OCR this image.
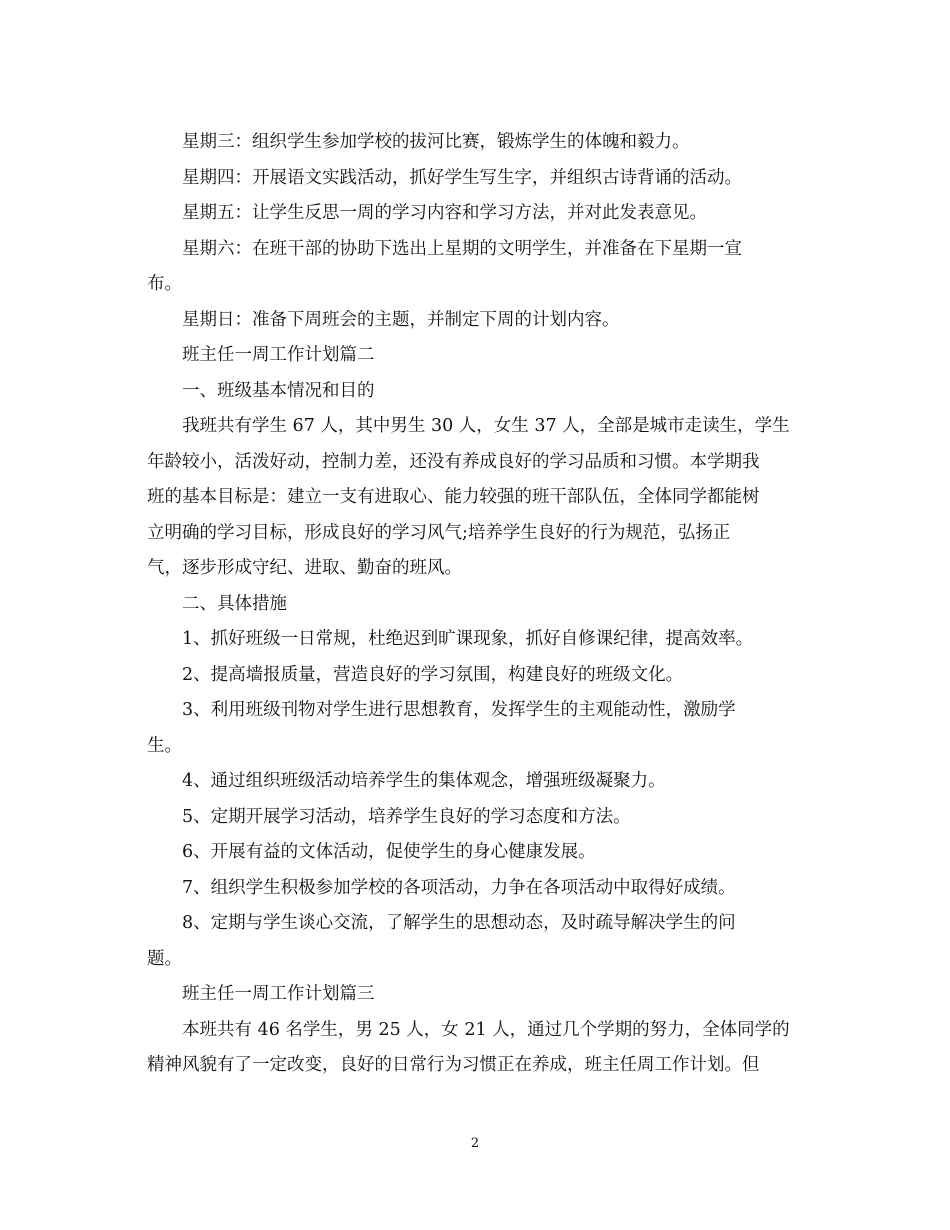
星期三：组织学生参加学校的拔河比赛，锻炼学生的体魄和毅力。

星期四：开展语文实践活动，抓好学生写生字，并组织古诗背诵的活动。

星期五：让学生反思一周的学习内容和学习方法，并对此发表意见。

星期六：在班干部的协助下选出上星期的文明学生，并准备在下星期一宣
布。

星期日：准备下周班会的主题，并制定下周的计划内容。

班主任一周工作计划篇二

一、班级基本情况和目的

我班共有学生 67 人，其中男生 30 人，女生 37 人，全部是城市走读生，学生
年龄较小，活泼好动，控制力差，还没有养成良好的学习品质和习惯。本学期我
班的基本目标是：建立一支有进取心、能力较强的班干部队伍，全体同学都能树
立明确的学习目标，形成良好的学习风气;培养学生良好的行为规范，弘扬正
气，逐步形成守纪、进取、勤奋的班风。

二、具体措施

1、抓好班级一日常规，杜绝迟到旷课现象，抓好自修课纪律，提高效率。

2、提高墙报质量，营造良好的学习氛围，构建良好的班级文化。

3、利用班级刊物对学生进行思想教育，发挥学生的主观能动性，激励学
生。

4、通过组织班级活动培养学生的集体观念，增强班级凝聚力。

5、定期开展学习活动，培养学生良好的学习态度和方法。

6、开展有益的文体活动，促使学生的身心健康发展。

7、组织学生积极参加学校的各项活动，力争在各项活动中取得好成绩。

8、定期与学生谈心交流，了解学生的思想动态，及时疏导解决学生的问
题。

班主任一周工作计划篇三

本班共有 46 名学生，男 25 人，女 21 人，通过几个学期的努力，全体同学的
精神风貌有了一定改变，良好的日常行为习惯正在养成，班主任周工作计划。但

2
